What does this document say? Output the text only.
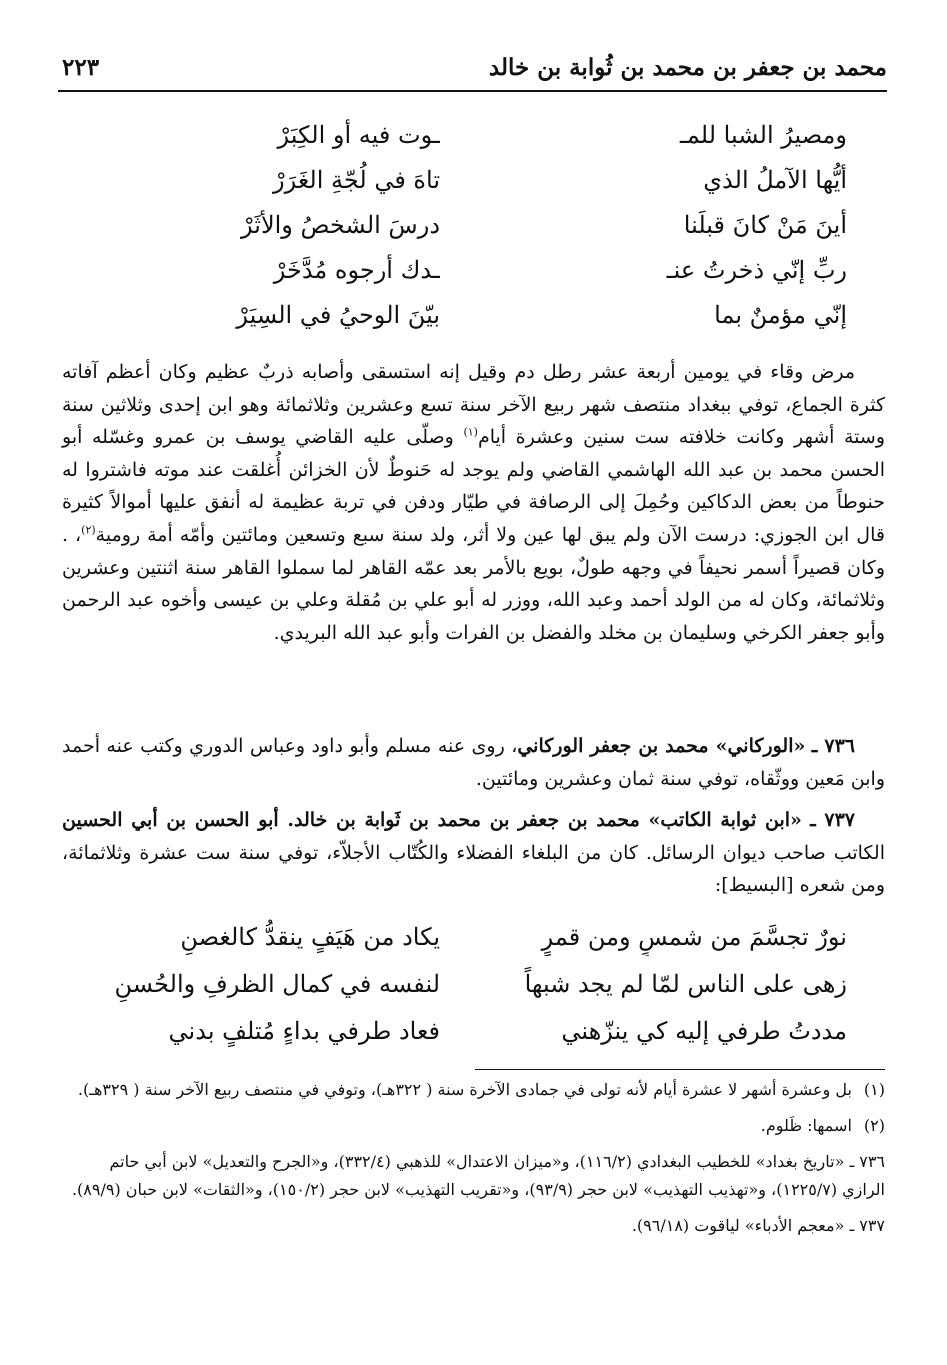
محمد بن جعفر بن محمد بن ثُوابة بن خالد
٢٢٣
ومصيرُ الشبا للمـ
ـوت فيه أو الكِبَرْ
أيُّها الآملُ الذي
تاهَ في لُجّةِ الغَرَرْ
أينَ مَنْ كانَ قبلَنا
درسَ الشخصُ والأثَرْ
ربِّ إنّي ذخرتُ عنـ
ـدك أرجوه مُدَّخَرْ
إنّي مؤمنٌ بما
بيّنَ الوحيُ في السِيَرْ

مرض وقاء في يومين أربعة عشر رطل دم وقيل إنه استسقى وأصابه ذربٌ عظيم وكان أعظم آفاته كثرة الجماع، توفي ببغداد منتصف شهر ربيع الآخر سنة تسع وعشرين وثلاثمائة وهو ابن إحدى وثلاثين سنة وستة أشهر وكانت خلافته ست سنين وعشرة أيام$^{(١)}$ وصلّى عليه القاضي يوسف بن عمرو وغسّله أبو الحسن محمد بن عبد الله الهاشمي القاضي ولم يوجد له حَنوطٌ لأن الخزائن أُغلقت عند موته فاشتروا له حنوطاً من بعض الدكاكين وحُمِلَ إلى الرصافة في طيّار ودفن في تربة عظيمة له أنفق عليها أموالاً كثيرة قال ابن الجوزي: درست الآن ولم يبق لها عين ولا أثر، ولد سنة سبع وتسعين ومائتين وأمّه أمة رومية$^{(٢)}$، . وكان قصيراً أسمر نحيفاً في وجهه طولٌ، بويع بالأمر بعد عمّه القاهر لما سملوا القاهر سنة اثنتين وعشرين وثلاثمائة، وكان له من الولد أحمد وعبد الله، ووزر له أبو علي بن مُقلة وعلي بن عيسى وأخوه عبد الرحمن وأبو جعفر الكرخي وسليمان بن مخلد والفضل بن الفرات وأبو عبد الله البريدي.

٧٣٦ ـ «الوركاني» محمد بن جعفر الوركاني، روى عنه مسلم وأبو داود وعباس الدوري وكتب عنه أحمد وابن مَعين ووثّقاه، توفي سنة ثمان وعشرين ومائتين.

٧٣٧ ـ «ابن ثوابة الكاتب» محمد بن جعفر بن محمد بن ثَوابة بن خالد. أبو الحسن بن أبي الحسين الكاتب صاحب ديوان الرسائل. كان من البلغاء الفضلاء والكُتّاب الأجلاّء، توفي سنة ست عشرة وثلاثمائة، ومن شعره [البسيط]:

نورٌ تجسَّمَ من شمسٍ ومن قمرٍ
يكاد من هَيَفٍ ينقدُّ كالغصنِ
زهى على الناس لمّا لم يجد شبهاً
لنفسه في كمال الظرفِ والحُسنِ
مددتُ طرفي إليه كي ينزّهني
فعاد طرفي بداءٍ مُتلفٍ بدني
(١)
بل وعشرة أشهر لا عشرة أيام لأنه تولى في جمادى الآخرة سنة ( ٣٢٢هـ)، وتوفي في منتصف ربيع الآخر سنة ( ٣٢٩هـ).
(٢)
اسمها: ظَلوم.

٧٣٦ ـ «تاريخ بغداد» للخطيب البغدادي (١١٦/٢)، و«ميزان الاعتدال» للذهبي (٣٣٢/٤)، و«الجرح والتعديل» لابن أبي حاتم الرازي (١٢٢٥/٧)، و«تهذيب التهذيب» لابن حجر (٩٣/٩)، و«تقريب التهذيب» لابن حجر (١٥٠/٢)، و«الثقات» لابن حبان (٨٩/٩).

٧٣٧ ـ «معجم الأدباء» لياقوت (٩٦/١٨).
